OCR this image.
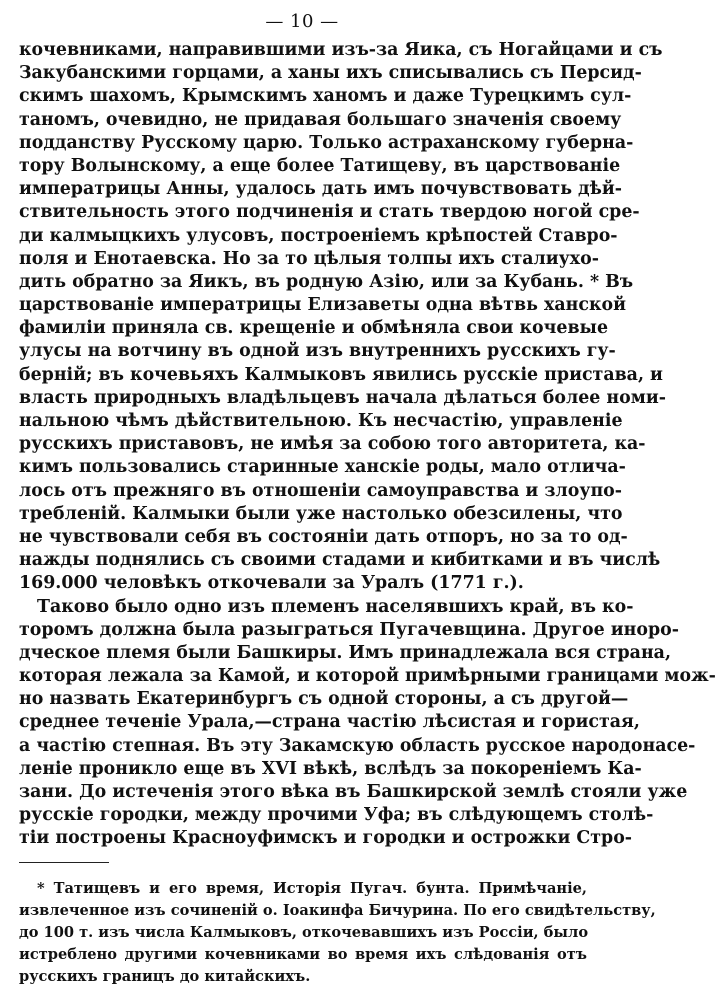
— 10 —
кочевниками, направившими изъ-за Яика, съ Ногайцами и съ
Закубанскими горцами, а ханы ихъ списывались съ Персид-
скимъ шахомъ, Крымскимъ ханомъ и даже Турецкимъ сул-
таномъ, очевидно, не придавая большаго значенія своему
подданству Русскому царю. Только астраханскому губерна-
тору Волынскому, а еще более Татищеву, въ царствованіе
императрицы Анны, удалось дать имъ почувствовать дѣй-
ствительность этого подчиненія и стать твердою ногой сре-
ди калмыцкихъ улусовъ, построеніемъ крѣпостей Ставро-
поля и Енотаевска. Но за то цѣлыя толпы ихъ сталиухо-
дить обратно за Яикъ, въ родную Азію, или за Кубань. * Въ
царствованіе императрицы Елизаветы одна вѣтвь ханской
фамиліи приняла св. крещеніе и обмѣняла свои кочевые
улусы на вотчину въ одной изъ внутреннихъ русскихъ гу-
берній; въ кочевьяхъ Калмыковъ явились русскіе пристава, и
власть природныхъ владѣльцевъ начала дѣлаться более номи-
нальною чѣмъ дѣйствительною. Къ несчастію, управленіе
русскихъ приставовъ, не имѣя за собою того авторитета, ка-
кимъ пользовались старинные ханскіе роды, мало отлича-
лось отъ прежняго въ отношеніи самоуправства и злоупо-
требленій. Калмыки были уже настолько обезсилены, что
не чувствовали себя въ состояніи дать отпоръ, но за то од-
нажды поднялись съ своими стадами и кибитками и въ числѣ
169.000 человѣкъ откочевали за Уралъ (1771 г.).
Таково было одно изъ племенъ населявшихъ край, въ ко-
торомъ должна была разыграться Пугачевщина. Другое иноро-
дческое племя были Башкиры. Имъ принадлежала вся страна,
которая лежала за Камой, и которой примѣрными границами мож-
но назвать Екатеринбургъ съ одной стороны, а съ другой—
среднее теченіе Урала,—страна частію лѣсистая и гористая,
а частію степная. Въ эту Закамскую область русское народонасе-
леніе проникло еще въ XVI вѣкѣ, вслѣдъ за покореніемъ Ка-
зани. До истеченія этого вѣка въ Башкирской землѣ стояли уже
русскіе городки, между прочими Уфа; въ слѣдующемъ столѣ-
тіи построены Красноуфимскъ и городки и острожки Стро-
* Татищевъ и его время, Исторія Пугач. бунта. Примѣчаніе,
извлеченное изъ сочиненій о. Іоакинфа Бичурина. По его свидѣтельству,
до 100 т. изъ числа Калмыковъ, откочевавшихъ изъ Россіи, было
истреблено другими кочевниками во время ихъ слѣдованія отъ
русскихъ границъ до китайскихъ.
